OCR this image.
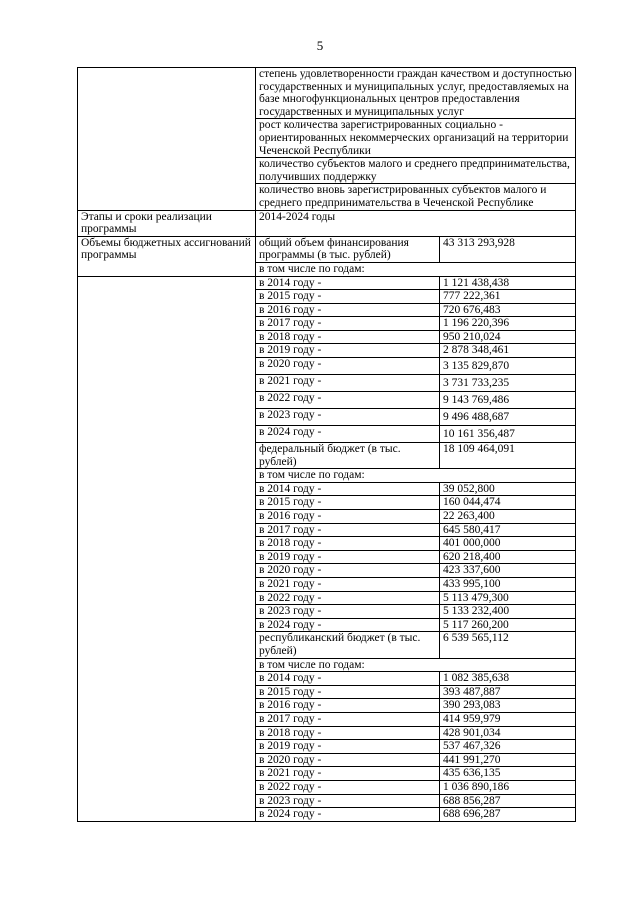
5
	степень удовлетворенности граждан качеством и доступностью государственных и муниципальных услуг, предоставляемых на базе многофункциональных центров предоставления государственных и муниципальных услуг	
	рост количества зарегистрированных социально - ориентированных некоммерческих организаций на территории Чеченской Республики	
	количество субъектов малого и среднего предпринимательства, получивших поддержку	
	количество вновь зарегистрированных субъектов малого и среднего предпринимательства в Чеченской Республике	
Этапы и сроки реализации программы	2014-2024 годы	
Объемы бюджетных ассигнований программы	общий объем финансирования программы (в тыс. рублей)	43 313 293,928
	в том числе по годам:	
	в 2014 году -	1 121 438,438
	в 2015 году -	777 222,361
	в 2016 году -	720 676,483
	в 2017 году -	1 196 220,396
	в 2018 году -	950 210,024
	в 2019 году -	2 878 348,461
	в 2020 году -	3 135 829,870
	в 2021 году -	3 731 733,235
	в 2022 году -	9 143 769,486
	в 2023 году -	9 496 488,687
	в 2024 году -	10 161 356,487
	федеральный бюджет (в тыс. рублей)	18 109 464,091
	в том числе по годам:	
	в 2014 году -	39 052,800
	в 2015 году -	160 044,474
	в 2016 году -	22 263,400
	в 2017 году -	645 580,417
	в 2018 году -	401 000,000
	в 2019 году -	620 218,400
	в 2020 году -	423 337,600
	в 2021 году -	433 995,100
	в 2022 году -	5 113 479,300
	в 2023 году -	5 133 232,400
	в 2024 году -	5 117 260,200
	республиканский бюджет (в тыс. рублей)	6 539 565,112
	в том числе по годам:	
	в 2014 году -	1 082 385,638
	в 2015 году -	393 487,887
	в 2016 году -	390 293,083
	в 2017 году -	414 959,979
	в 2018 году -	428 901,034
	в 2019 году -	537 467,326
	в 2020 году -	441 991,270
	в 2021 году -	435 636,135
	в 2022 году -	1 036 890,186
	в 2023 году -	688 856,287
	в 2024 году -	688 696,287
